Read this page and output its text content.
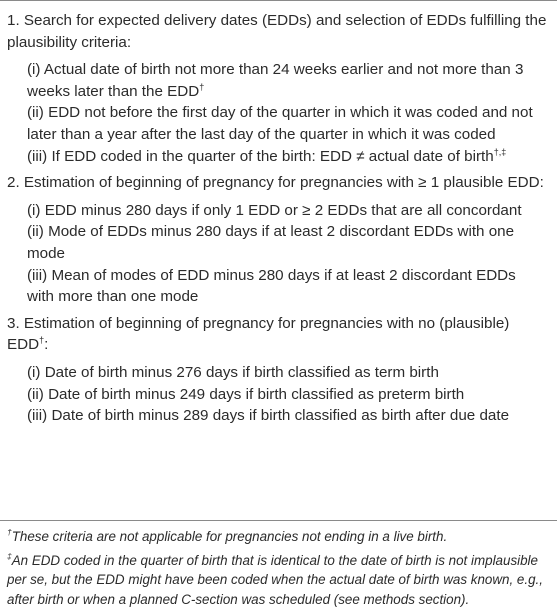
1. Search for expected delivery dates (EDDs) and selection of EDDs fulfilling the plausibility criteria:

(i) Actual date of birth not more than 24 weeks earlier and not more than 3 weeks later than the EDD†

(ii) EDD not before the first day of the quarter in which it was coded and not later than a year after the last day of the quarter in which it was coded

(iii) If EDD coded in the quarter of the birth: EDD ≠ actual date of birth†,‡

2. Estimation of beginning of pregnancy for pregnancies with ≥ 1 plausible EDD:

(i) EDD minus 280 days if only 1 EDD or ≥ 2 EDDs that are all concordant

(ii) Mode of EDDs minus 280 days if at least 2 discordant EDDs with one mode

(iii) Mean of modes of EDD minus 280 days if at least 2 discordant EDDs with more than one mode

3. Estimation of beginning of pregnancy for pregnancies with no (plausible) EDD†:

(i) Date of birth minus 276 days if birth classified as term birth

(ii) Date of birth minus 249 days if birth classified as preterm birth

(iii) Date of birth minus 289 days if birth classified as birth after due date

†These criteria are not applicable for pregnancies not ending in a live birth.

‡An EDD coded in the quarter of birth that is identical to the date of birth is not implausible per se, but the EDD might have been coded when the actual date of birth was known, e.g., after birth or when a planned C-section was scheduled (see methods section).
